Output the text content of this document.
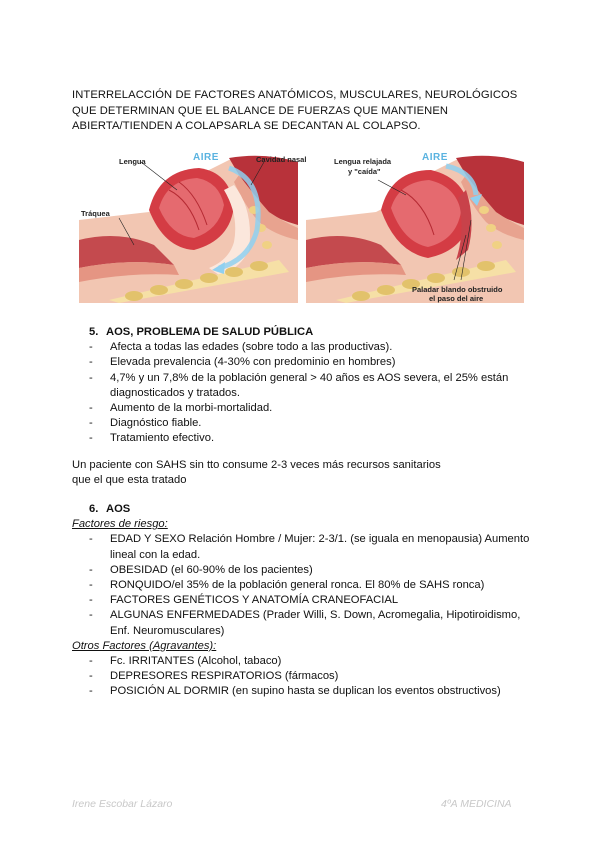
INTERRELACCIÓN DE FACTORES ANATÓMICOS, MUSCULARES, NEUROLÓGICOS

QUE DETERMINAN QUE EL BALANCE DE FUERZAS QUE MANTIENEN

ABIERTA/TIENDEN A COLAPSARLA SE DECANTAN AL COLAPSO.

Lengua	AIRE	Cavidad nasal
Tráquea
Lengua relajada
y "caída"
AIRE
Paladar blando obstruido
el paso del aire
5. AOS, PROBLEMA DE SALUD PÚBLICA
- Afecta a todas las edades (sobre todo a las productivas).
- Elevada prevalencia (4-30% con predominio en hombres)
- 4,7% y un 7,8% de la población general > 40 años es AOS severa, el 25% están diagnosticados y tratados.
- Aumento de la morbi-mortalidad.
- Diagnóstico fiable.
- Tratamiento efectivo.
Un paciente con SAHS sin tto consume 2-3 veces más recursos sanitarios
que el que esta tratado
6. AOS
Factores de riesgo:
- EDAD Y SEXO Relación Hombre / Mujer: 2-3/1. (se iguala en menopausia) Aumento lineal con la edad.
- OBESIDAD (el 60-90% de los pacientes)
- RONQUIDO/el 35% de la población general ronca. El 80% de SAHS ronca)
- FACTORES GENÉTICOS Y ANATOMÍA CRANEOFACIAL
- ALGUNAS ENFERMEDADES (Prader Willi, S. Down, Acromegalia, Hipotiroidismo, Enf. Neuromusculares)
Otros Factores (Agravantes):
- Fc. IRRITANTES (Alcohol, tabaco)
- DEPRESORES RESPIRATORIOS (fármacos)
- POSICIÓN AL DORMIR (en supino hasta se duplican los eventos obstructivos)
Irene Escobar Lázaro	4ºA MEDICINA
